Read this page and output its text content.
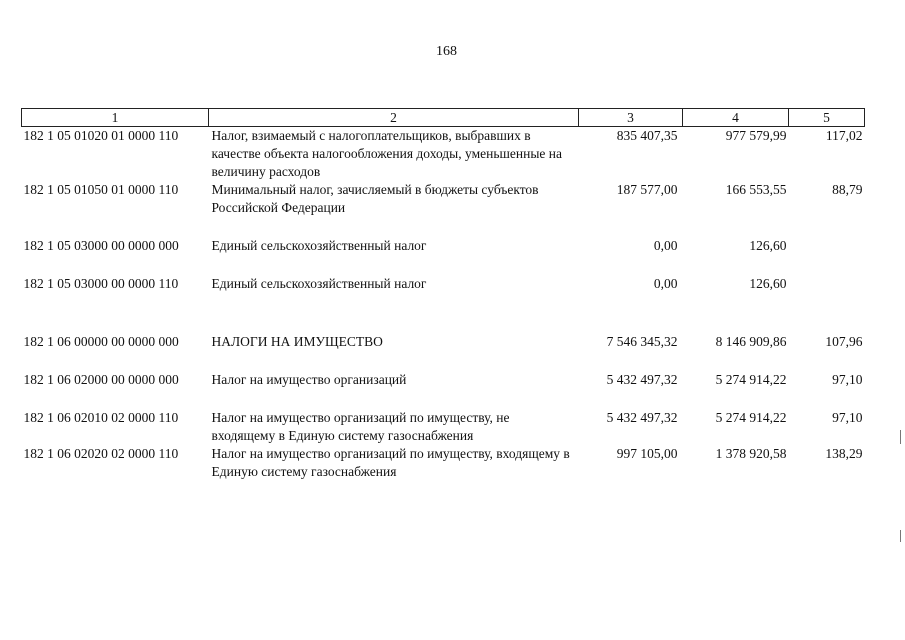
168
1	2	3	4	5
182 1 05 01020 01 0000 110	Налог, взимаемый с налогоплательщиков, выбравших в качестве объекта налогообложения доходы, уменьшенные на величину расходов	835 407,35	977 579,99	117,02
182 1 05 01050 01 0000 110	Минимальный налог, зачисляемый в бюджеты субъектов Российской Федерации	187 577,00	166 553,55	88,79

182 1 05 03000 00 0000 000	Единый сельскохозяйственный налог	0,00	126,60	

182 1 05 03000 00 0000 110	Единый сельскохозяйственный налог	0,00	126,60	

182 1 06 00000 00 0000 000	НАЛОГИ НА ИМУЩЕСТВО	7 546 345,32	8 146 909,86	107,96

182 1 06 02000 00 0000 000	Налог на имущество организаций	5 432 497,32	5 274 914,22	97,10

182 1 06 02010 02 0000 110	Налог на имущество организаций по имуществу, не входящему в Единую систему газоснабжения	5 432 497,32	5 274 914,22	97,10
182 1 06 02020 02 0000 110	Налог на имущество организаций по имуществу, входящему в Единую систему газоснабжения	997 105,00	1 378 920,58	138,29
